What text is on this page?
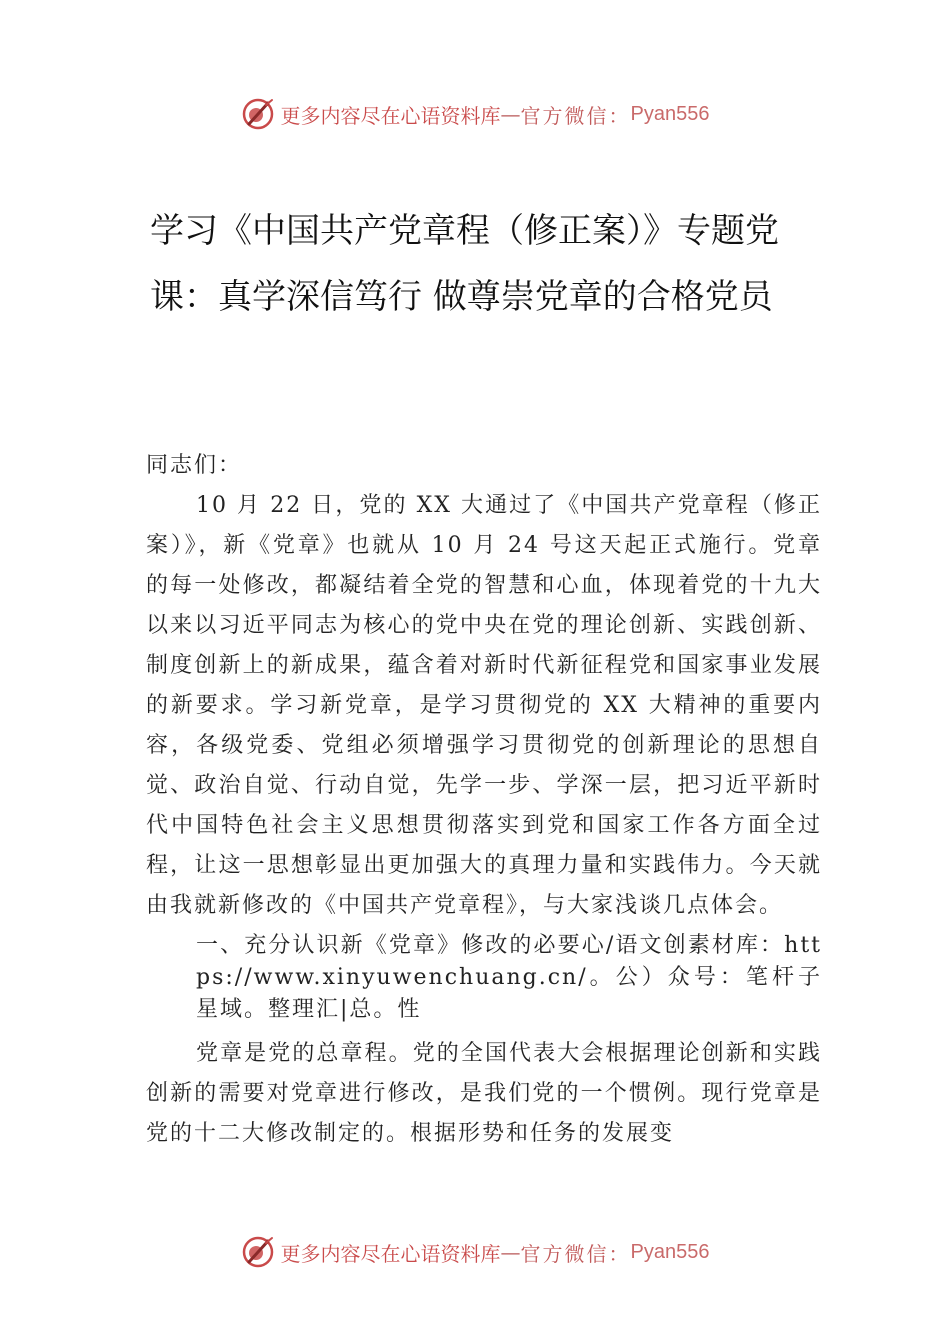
更多内容尽在心语资料库 — 官方微信： Pyan556
学习《中国共产党章程（修正案）》专题党课：真学深信笃行 做尊崇党章的合格党员

同志们：

10 月 22 日，党的 XX 大通过了《中国共产党章程（修正案）》，新《党章》也就从 10 月 24 号这天起正式施行。党章的每一处修改，都凝结着全党的智慧和心血，体现着党的十九大以来以习近平同志为核心的党中央在党的理论创新、实践创新、制度创新上的新成果，蕴含着对新时代新征程党和国家事业发展的新要求。学习新党章，是学习贯彻党的 XX 大精神的重要内容，各级党委、党组必须增强学习贯彻党的创新理论的思想自觉、政治自觉、行动自觉，先学一步、学深一层，把习近平新时代中国特色社会主义思想贯彻落实到党和国家工作各方面全过程，让这一思想彰显出更加强大的真理力量和实践伟力。今天就由我就新修改的《中国共产党章程》，与大家浅谈几点体会。

一、充分认识新《党章》修改的必要心/语文创素材库：https://www.xinyuwenchuang.cn/。公）众号：笔杆子星域。整理汇|总。性

党章是党的总章程。党的全国代表大会根据理论创新和实践创新的需要对党章进行修改，是我们党的一个惯例。现行党章是党的十二大修改制定的。根据形势和任务的发展变

更多内容尽在心语资料库 — 官方微信： Pyan556
